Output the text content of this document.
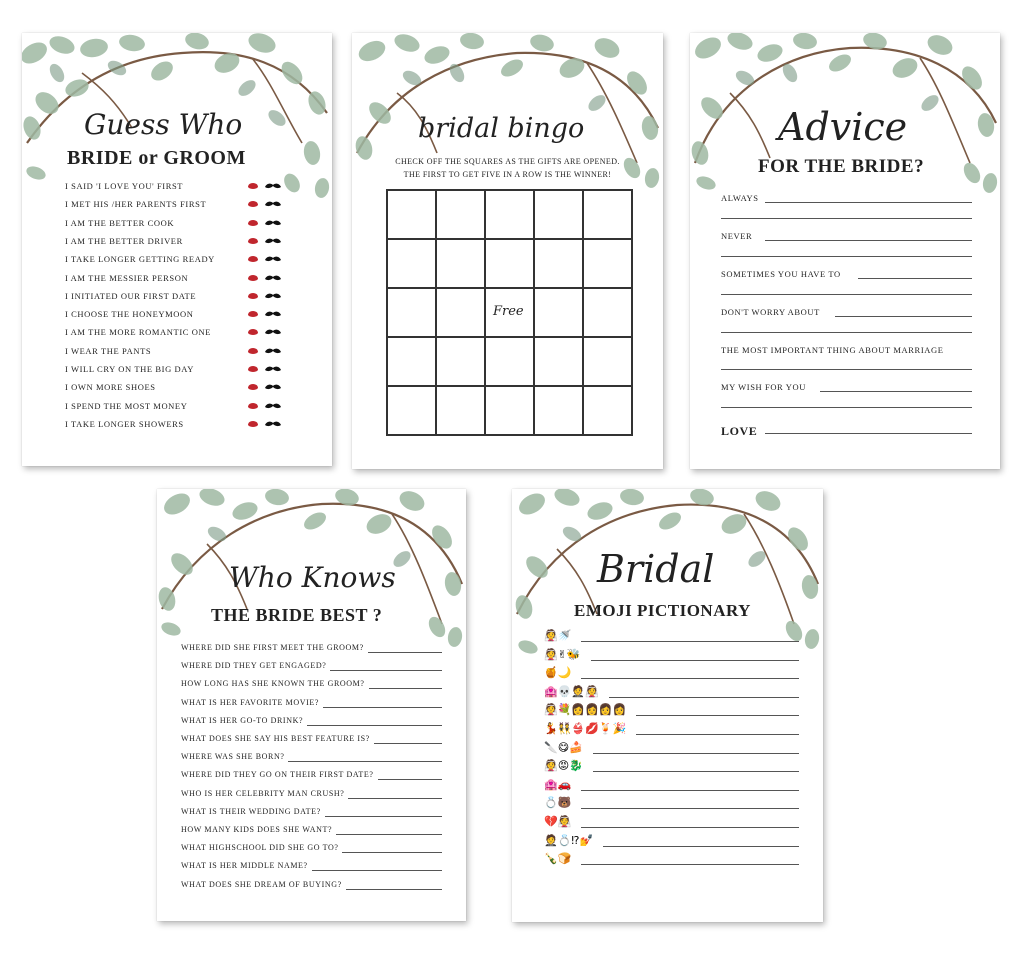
Guess Who
BRIDE or GROOM
I SAID 'I LOVE YOU' FIRST
I MET HIS /HER PARENTS FIRST
I AM THE BETTER COOK
I AM THE BETTER DRIVER
I TAKE LONGER GETTING READY
I AM THE MESSIER PERSON
I INITIATED OUR FIRST DATE
I CHOOSE THE HONEYMOON
I AM THE MORE ROMANTIC ONE
I WEAR THE PANTS
I WILL CRY ON THE BIG DAY
I OWN MORE SHOES
I SPEND THE MOST MONEY
I TAKE LONGER SHOWERS
bridal bingo
CHECK OFF THE SQUARES AS THE GIFTS ARE OPENED.
THE FIRST TO GET FIVE IN A ROW IS THE WINNER!
Free
Advice
FOR THE BRIDE?
ALWAYS
NEVER
SOMETIMES YOU HAVE TO
DON'T WORRY ABOUT
THE MOST IMPORTANT THING ABOUT MARRIAGE
MY WISH FOR YOU
LOVE
Who Knows
THE BRIDE BEST ?
WHERE DID SHE FIRST MEET THE GROOM?
WHERE DID THEY GET ENGAGED?
HOW LONG HAS SHE KNOWN THE GROOM?
WHAT IS HER FAVORITE MOVIE?
WHAT IS HER GO-TO DRINK?
WHAT DOES SHE SAY HIS BEST FEATURE IS?
WHERE WAS SHE BORN?
WHERE DID THEY GO ON THEIR FIRST DATE?
WHO IS HER CELEBRITY MAN CRUSH?
WHAT IS THEIR WEDDING DATE?
HOW MANY KIDS DOES SHE WANT?
WHAT HIGHSCHOOL DID SHE GO TO?
WHAT IS HER MIDDLE NAME?
WHAT DOES SHE DREAM OF BUYING?
Bridal
EMOJI PICTIONARY
👰🚿
👰✌🐝
🍯🌙
🏩💀🤵👰
👰💐👩👩👩👩
💃👯👙💋🍹🎉
🔪😋🍰
👰😡🐉
🏩🚗
💍🐻
💔👰
🤵💍⁉💅
🍾🍞
